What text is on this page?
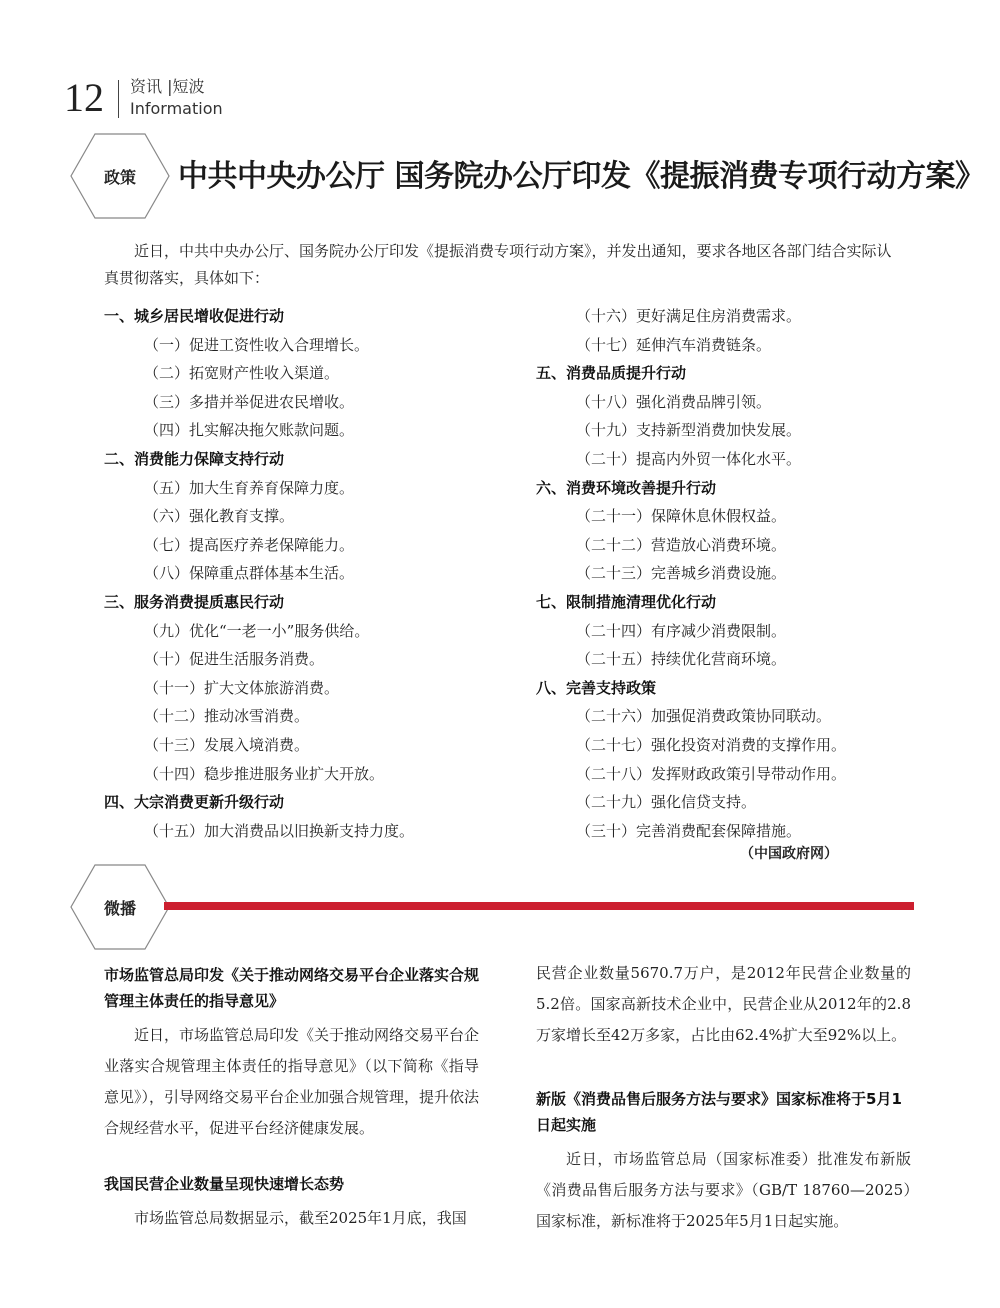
12 资讯 |短波
Information
政策	中共中央办公厅 国务院办公厅印发《提振消费专项行动方案》
近日，中共中央办公厅、国务院办公厅印发《提振消费专项行动方案》，并发出通知，要求各地区各部门结合实际认真贯彻落实，具体如下：
一、城乡居民增收促进行动
（一）促进工资性收入合理增长。
（二）拓宽财产性收入渠道。
（三）多措并举促进农民增收。
（四）扎实解决拖欠账款问题。
二、消费能力保障支持行动
（五）加大生育养育保障力度。
（六）强化教育支撑。
（七）提高医疗养老保障能力。
（八）保障重点群体基本生活。
三、服务消费提质惠民行动
（九）优化“一老一小”服务供给。
（十）促进生活服务消费。
（十一）扩大文体旅游消费。
（十二）推动冰雪消费。
（十三）发展入境消费。
（十四）稳步推进服务业扩大开放。
四、大宗消费更新升级行动
（十五）加大消费品以旧换新支持力度。
（十六）更好满足住房消费需求。
（十七）延伸汽车消费链条。
五、消费品质提升行动
（十八）强化消费品牌引领。
（十九）支持新型消费加快发展。
（二十）提高内外贸一体化水平。
六、消费环境改善提升行动
（二十一）保障休息休假权益。
（二十二）营造放心消费环境。
（二十三）完善城乡消费设施。
七、限制措施清理优化行动
（二十四）有序减少消费限制。
（二十五）持续优化营商环境。
八、完善支持政策
（二十六）加强促消费政策协同联动。
（二十七）强化投资对消费的支撑作用。
（二十八）发挥财政政策引导带动作用。
（二十九）强化信贷支持。
（三十）完善消费配套保障措施。
（中国政府网）
微播
市场监管总局印发《关于推动网络交易平台企业落实合规管理主体责任的指导意见》

近日，市场监管总局印发《关于推动网络交易平台企业落实合规管理主体责任的指导意见》（以下简称《指导意见》），引导网络交易平台企业加强合规管理，提升依法合规经营水平，促进平台经济健康发展。

我国民营企业数量呈现快速增长态势

市场监管总局数据显示，截至2025年1月底，我国

民营企业数量5670.7万户，是2012年民营企业数量的5.2倍。国家高新技术企业中，民营企业从2012年的2.8万家增长至42万多家，占比由62.4%扩大至92%以上。

新版《消费品售后服务方法与要求》国家标准将于5月1日起实施

近日，市场监管总局（国家标准委）批准发布新版《消费品售后服务方法与要求》（GB/T 18760—2025）国家标准，新标准将于2025年5月1日起实施。
